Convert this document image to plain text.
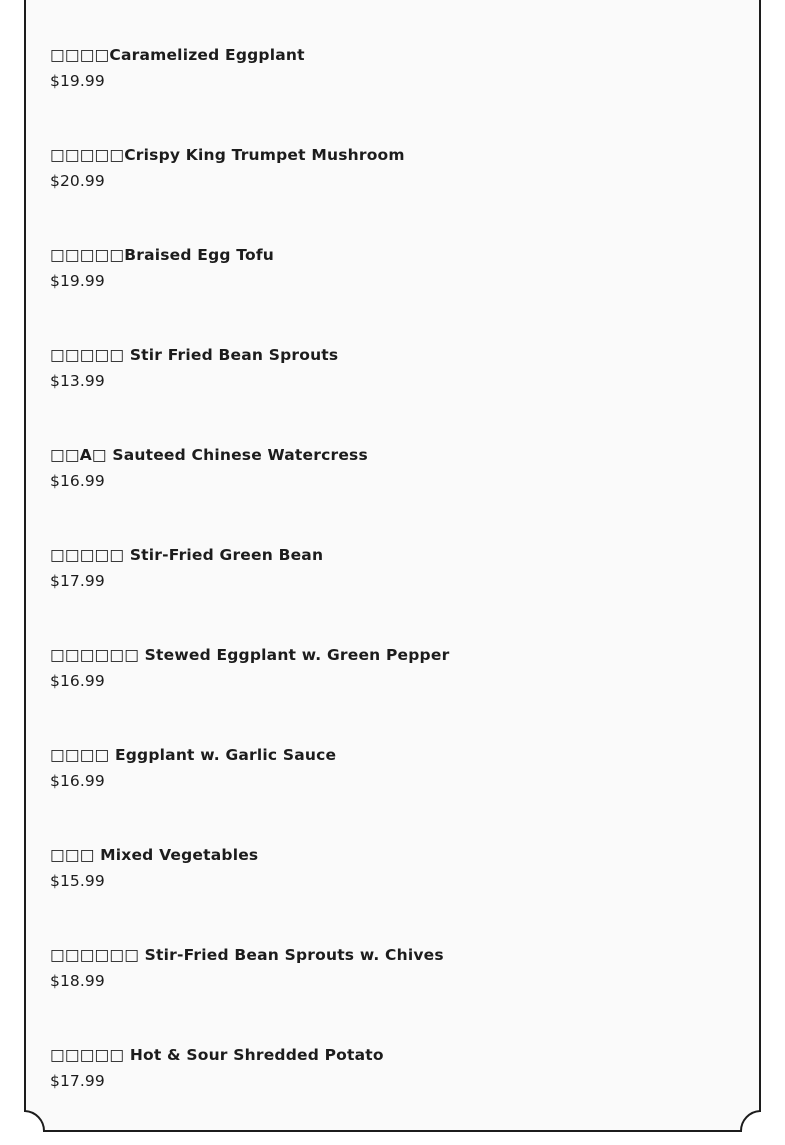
□□□□Caramelized Eggplant
$19.99
□□□□□Crispy King Trumpet Mushroom
$20.99
□□□□□Braised Egg Tofu
$19.99
□□□□□ Stir Fried Bean Sprouts
$13.99
□□A□ Sauteed Chinese Watercress
$16.99
□□□□□ Stir-Fried Green Bean
$17.99
□□□□□□ Stewed Eggplant w. Green Pepper
$16.99
□□□□ Eggplant w. Garlic Sauce
$16.99
□□□ Mixed Vegetables
$15.99
□□□□□□ Stir-Fried Bean Sprouts w. Chives
$18.99
□□□□□ Hot & Sour Shredded Potato
$17.99
